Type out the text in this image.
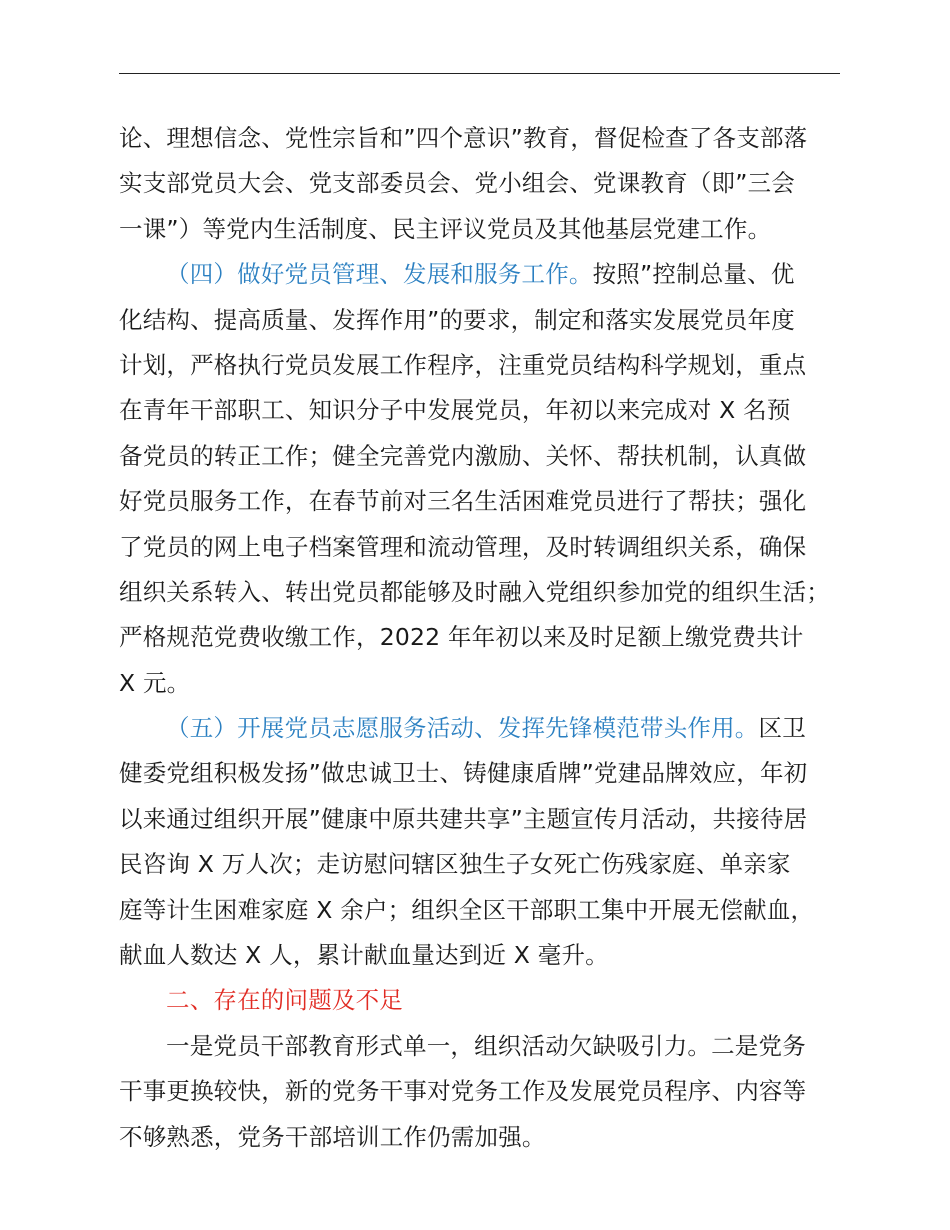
论、理想信念、党性宗旨和”四个意识”教育，督促检查了各支部落
实支部党员大会、党支部委员会、党小组会、党课教育（即”三会
一课”）等党内生活制度、民主评议党员及其他基层党建工作。
（四）做好党员管理、发展和服务工作。按照”控制总量、优
化结构、提高质量、发挥作用”的要求，制定和落实发展党员年度
计划，严格执行党员发展工作程序，注重党员结构科学规划，重点
在青年干部职工、知识分子中发展党员，年初以来完成对 X 名预
备党员的转正工作；健全完善党内激励、关怀、帮扶机制，认真做
好党员服务工作，在春节前对三名生活困难党员进行了帮扶；强化
了党员的网上电子档案管理和流动管理，及时转调组织关系，确保
组织关系转入、转出党员都能够及时融入党组织参加党的组织生活；
严格规范党费收缴工作，2022 年年初以来及时足额上缴党费共计
X 元。
（五）开展党员志愿服务活动、发挥先锋模范带头作用。区卫
健委党组积极发扬”做忠诚卫士、铸健康盾牌”党建品牌效应，年初
以来通过组织开展”健康中原共建共享”主题宣传月活动，共接待居
民咨询 X 万人次；走访慰问辖区独生子女死亡伤残家庭、单亲家
庭等计生困难家庭 X 余户；组织全区干部职工集中开展无偿献血，
献血人数达 X 人，累计献血量达到近 X 毫升。
二、存在的问题及不足
一是党员干部教育形式单一，组织活动欠缺吸引力。二是党务
干事更换较快，新的党务干事对党务工作及发展党员程序、内容等
不够熟悉，党务干部培训工作仍需加强。
